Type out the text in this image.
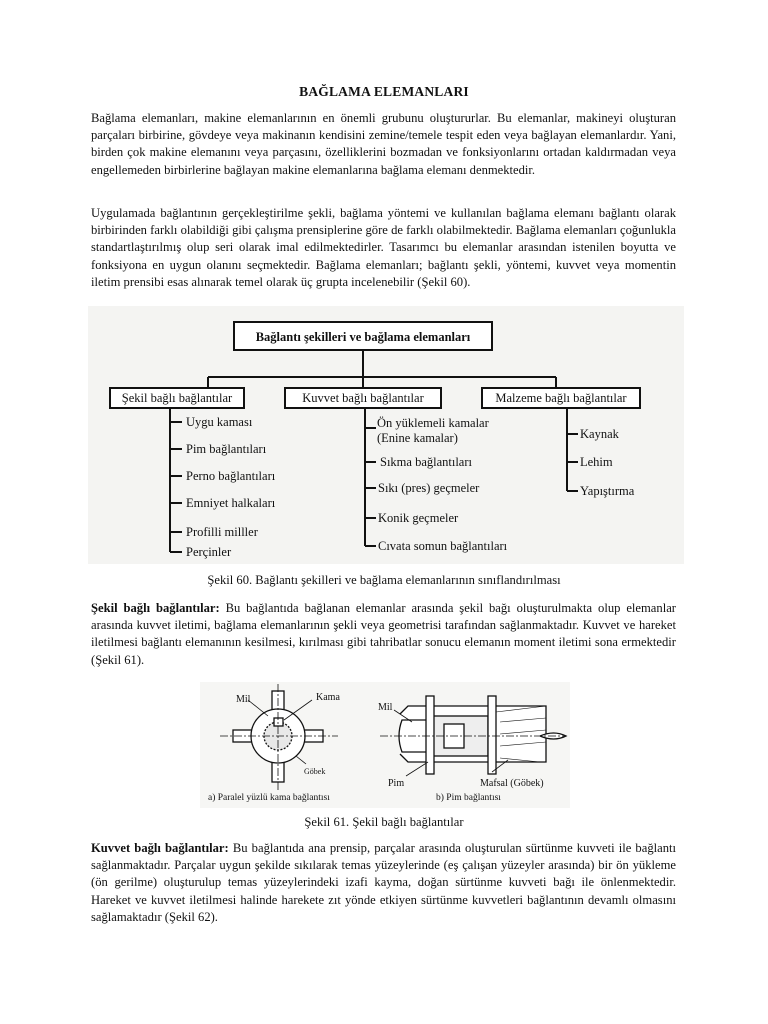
BAĞLAMA ELEMANLARI

Bağlama elemanları, makine elemanlarının en önemli grubunu oluştururlar. Bu elemanlar, makineyi oluşturan parçaları birbirine, gövdeye veya makinanın kendisini zemine/temele tespit eden veya bağlayan elemanlardır. Yani, birden çok makine elemanını veya parçasını, özelliklerini bozmadan ve fonksiyonlarını ortadan kaldırmadan veya engellemeden birbirlerine bağlayan makine elemanlarına bağlama elemanı denmektedir.

Uygulamada bağlantının gerçekleştirilme şekli, bağlama yöntemi ve kullanılan bağlama elemanı bağlantı olarak birbirinden farklı olabildiği gibi çalışma prensiplerine göre de farklı olabilmektedir. Bağlama elemanları çoğunlukla standartlaştırılmış olup seri olarak imal edilmektedirler. Tasarımcı bu elemanlar arasından istenilen boyutta ve fonksiyona en uygun olanını seçmektedir. Bağlama elemanları; bağlantı şekli, yöntemi, kuvvet veya momentin iletim prensibi esas alınarak temel olarak üç grupta incelenebilir (Şekil 60).

Bağlantı şekilleri ve bağlama elemanları
Şekil bağlı bağlantılar	Kuvvet bağlı bağlantılar	Malzeme bağlı bağlantılar
Uygu kaması
Pim bağlantıları
Perno bağlantıları
Emniyet halkaları
Profilli milller
Perçinler
Ön yüklemeli kamalar
(Enine kamalar)
Sıkma bağlantıları
Sıkı (pres) geçmeler
Konik geçmeler
Cıvata somun bağlantıları
Kaynak
Lehim
Yapıştırma
Şekil 60. Bağlantı şekilleri ve bağlama elemanlarının sınıflandırılması

Şekil bağlı bağlantılar: Bu bağlantıda bağlanan elemanlar arasında şekil bağı oluşturulmakta olup elemanlar arasında kuvvet iletimi, bağlama elemanlarının şekli veya geometrisi tarafından sağlanmaktadır. Kuvvet ve hareket iletilmesi bağlantı elemanının kesilmesi, kırılması gibi tahribatlar sonucu elemanın moment iletimi sona ermektedir (Şekil 61).

Mil	Kama
Göbek
a) Paralel yüzlü kama bağlantısı
Mil
Pim	Mafsal (Göbek)
b) Pim bağlantısı
Şekil 61. Şekil bağlı bağlantılar

Kuvvet bağlı bağlantılar: Bu bağlantıda ana prensip, parçalar arasında oluşturulan sürtünme kuvveti ile bağlantı sağlanmaktadır. Parçalar uygun şekilde sıkılarak temas yüzeylerinde (eş çalışan yüzeyler arasında) bir ön yükleme (ön gerilme) oluşturulup temas yüzeylerindeki izafi kayma, doğan sürtünme kuvveti bağı ile önlenmektedir. Hareket ve kuvvet iletilmesi halinde harekete zıt yönde etkiyen sürtünme kuvvetleri bağlantının devamlı olmasını sağlamaktadır (Şekil 62).
